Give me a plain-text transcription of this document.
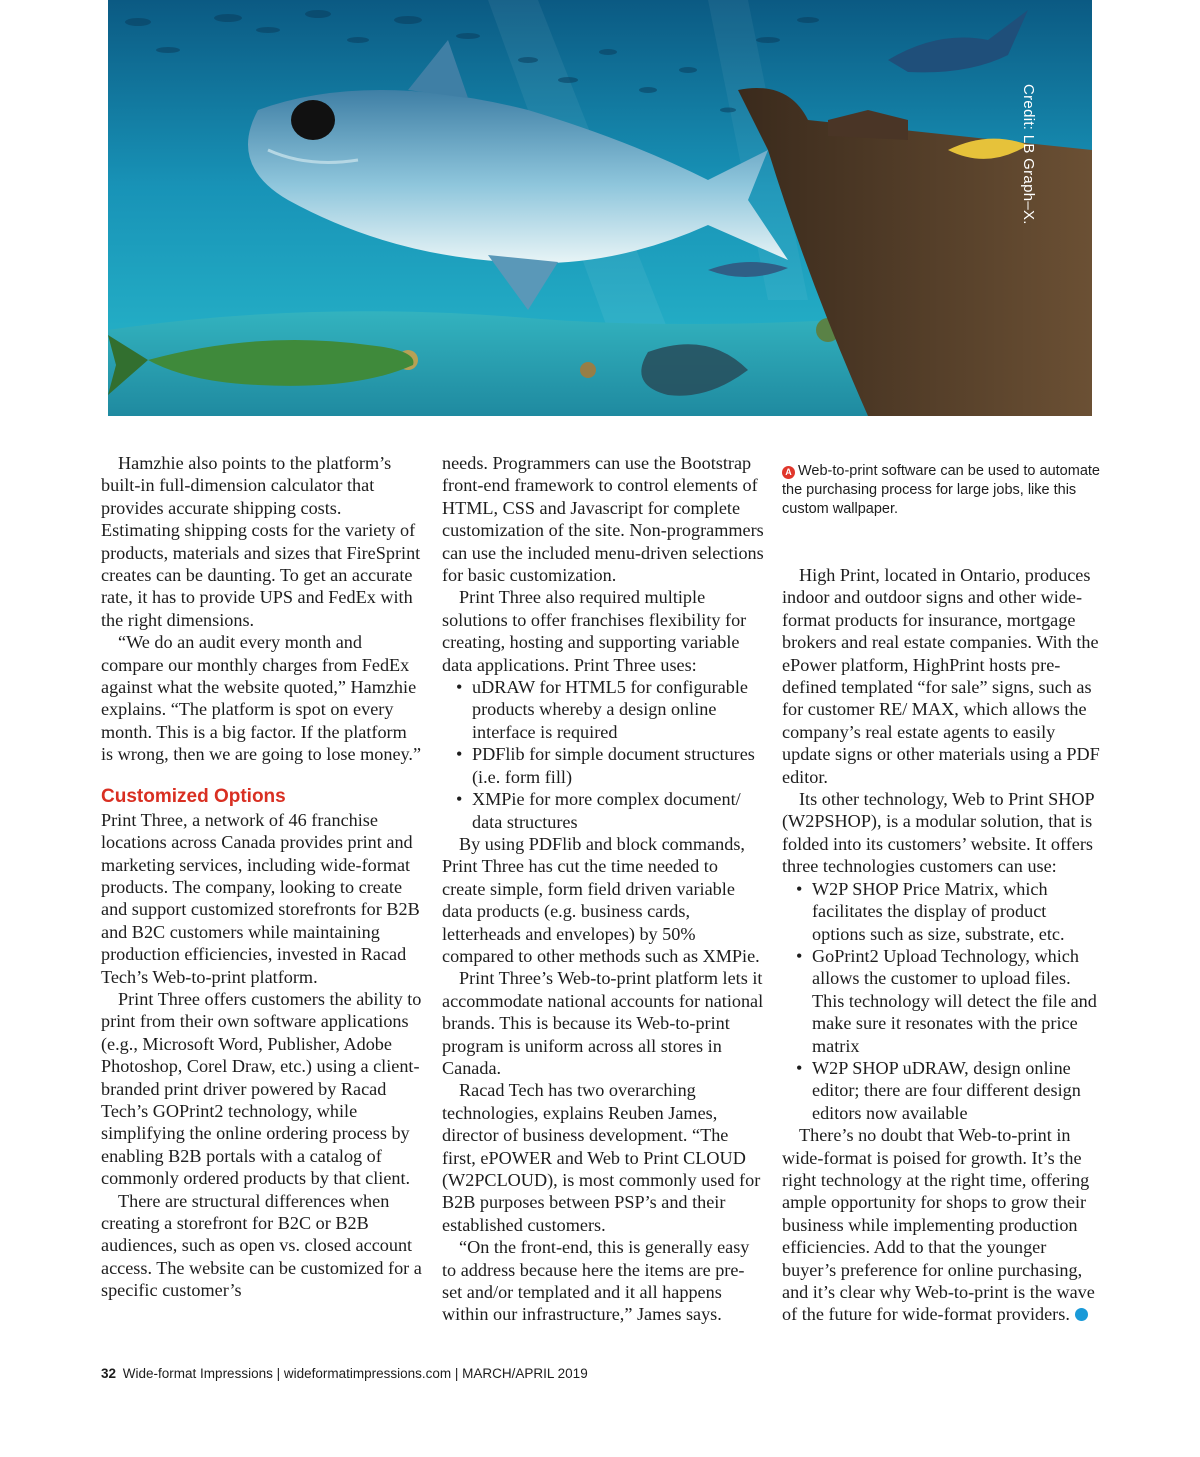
Credit: LB Graph–X.
A Web-to-print software can be used to automate the purchasing process for large jobs, like this custom wallpaper.

Hamzhie also points to the platform’s built-in full-dimension calculator that provides accurate shipping costs. Estimating shipping costs for the variety of products, materials and sizes that FireSprint creates can be daunting. To get an accurate rate, it has to provide UPS and FedEx with the right dimensions.

“We do an audit every month and compare our monthly charges from FedEx against what the website quoted,” Hamzhie explains. “The platform is spot on every month. This is a big factor. If the platform is wrong, then we are going to lose money.”

Customized Options

Print Three, a network of 46 franchise locations across Canada provides print and marketing services, including wide-format products. The company, looking to create and support customized storefronts for B2B and B2C customers while maintaining production efficiencies, invested in Racad Tech’s Web-to-print platform.

Print Three offers customers the ability to print from their own software applications (e.g., Microsoft Word, Publisher, Adobe Photoshop, Corel Draw, etc.) using a client-branded print driver powered by Racad Tech’s GOPrint2 technology, while simplifying the online ordering process by enabling B2B portals with a catalog of commonly ordered products by that client.

There are structural differences when creating a storefront for B2C or B2B audiences, such as open vs. closed account access. The website can be customized for a specific customer’s

needs. Programmers can use the Bootstrap front-end framework to control elements of HTML, CSS and Javascript for complete customization of the site. Non-programmers can use the included menu-driven selections for basic customization.

Print Three also required multiple solutions to offer franchises flexibility for creating, hosting and supporting variable data applications. Print Three uses:

• uDRAW for HTML5 for configurable products whereby a design online interface is required

• PDFlib for simple document structures (i.e. form fill)

• XMPie for more complex document/ data structures

By using PDFlib and block commands, Print Three has cut the time needed to create simple, form field driven variable data products (e.g. business cards, letterheads and envelopes) by 50% compared to other methods such as XMPie.

Print Three’s Web-to-print platform lets it accommodate national accounts for national brands. This is because its Web-to-print program is uniform across all stores in Canada.

Racad Tech has two overarching technologies, explains Reuben James, director of business development. “The first, ePOWER and Web to Print CLOUD (W2PCLOUD), is most commonly used for B2B purposes between PSP’s and their established customers.

“On the front-end, this is generally easy to address because here the items are pre-set and/or templated and it all happens within our infrastructure,” James says.

High Print, located in Ontario, produces indoor and outdoor signs and other wide-format products for insurance, mortgage brokers and real estate companies. With the ePower platform, HighPrint hosts pre-defined templated “for sale” signs, such as for customer RE/ MAX, which allows the company’s real estate agents to easily update signs or other materials using a PDF editor.

Its other technology, Web to Print SHOP (W2PSHOP), is a modular solution, that is folded into its customers’ website. It offers three technologies customers can use:

• W2P SHOP Price Matrix, which facilitates the display of product options such as size, substrate, etc.

• GoPrint2 Upload Technology, which allows the customer to upload files. This technology will detect the file and make sure it resonates with the price matrix

• W2P SHOP uDRAW, design online editor; there are four different design editors now available

There’s no doubt that Web-to-print in wide-format is poised for growth. It’s the right technology at the right time, offering ample opportunity for shops to grow their business while implementing production efficiencies. Add to that the younger buyer’s preference for online purchasing, and it’s clear why Web-to-print is the wave of the future for wide-format providers.

32 Wide-format Impressions | wideformatimpressions.com | MARCH/APRIL 2019
